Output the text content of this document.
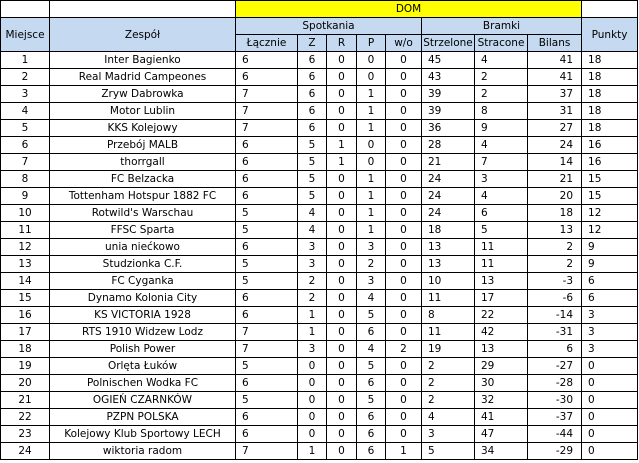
		DOM								
Miejsce	Zespół	Spotkania					Bramki			Punkty
		Łącznie	Z	R	P	w/o	Strzelone	Stracone	Bilans	
1	Inter Bagienko	6	6	0	0	0	45	4	41	18
2	Real Madrid Campeones	6	6	0	0	0	43	2	41	18
3	Zryw Dabrowka	7	6	0	1	0	39	2	37	18
4	Motor Lublin	7	6	0	1	0	39	8	31	18
5	KKS Kolejowy	7	6	0	1	0	36	9	27	18
6	Przebój MALB	6	5	1	0	0	28	4	24	16
7	thorrgall	6	5	1	0	0	21	7	14	16
8	FC Belzacka	6	5	0	1	0	24	3	21	15
9	Tottenham Hotspur 1882 FC	6	5	0	1	0	24	4	20	15
10	Rotwild's Warschau	5	4	0	1	0	24	6	18	12
11	FFSC Sparta	5	4	0	1	0	18	5	13	12
12	unia niećkowo	6	3	0	3	0	13	11	2	9
13	Studzionka C.F.	5	3	0	2	0	13	11	2	9
14	FC Cyganka	5	2	0	3	0	10	13	-3	6
15	Dynamo Kolonia City	6	2	0	4	0	11	17	-6	6
16	KS VICTORIA 1928	6	1	0	5	0	8	22	-14	3
17	RTS 1910 Widzew Lodz	7	1	0	6	0	11	42	-31	3
18	Polish Power	7	3	0	4	2	19	13	6	3
19	Orlęta Łuków	5	0	0	5	0	2	29	-27	0
20	Polnischen Wodka FC	6	0	0	6	0	2	30	-28	0
21	OGIEŃ CZARNKÓW	5	0	0	5	0	2	32	-30	0
22	PZPN POLSKA	6	0	0	6	0	4	41	-37	0
23	Kolejowy Klub Sportowy LECH	6	0	0	6	0	3	47	-44	0
24	wiktoria radom	7	1	0	6	1	5	34	-29	0
